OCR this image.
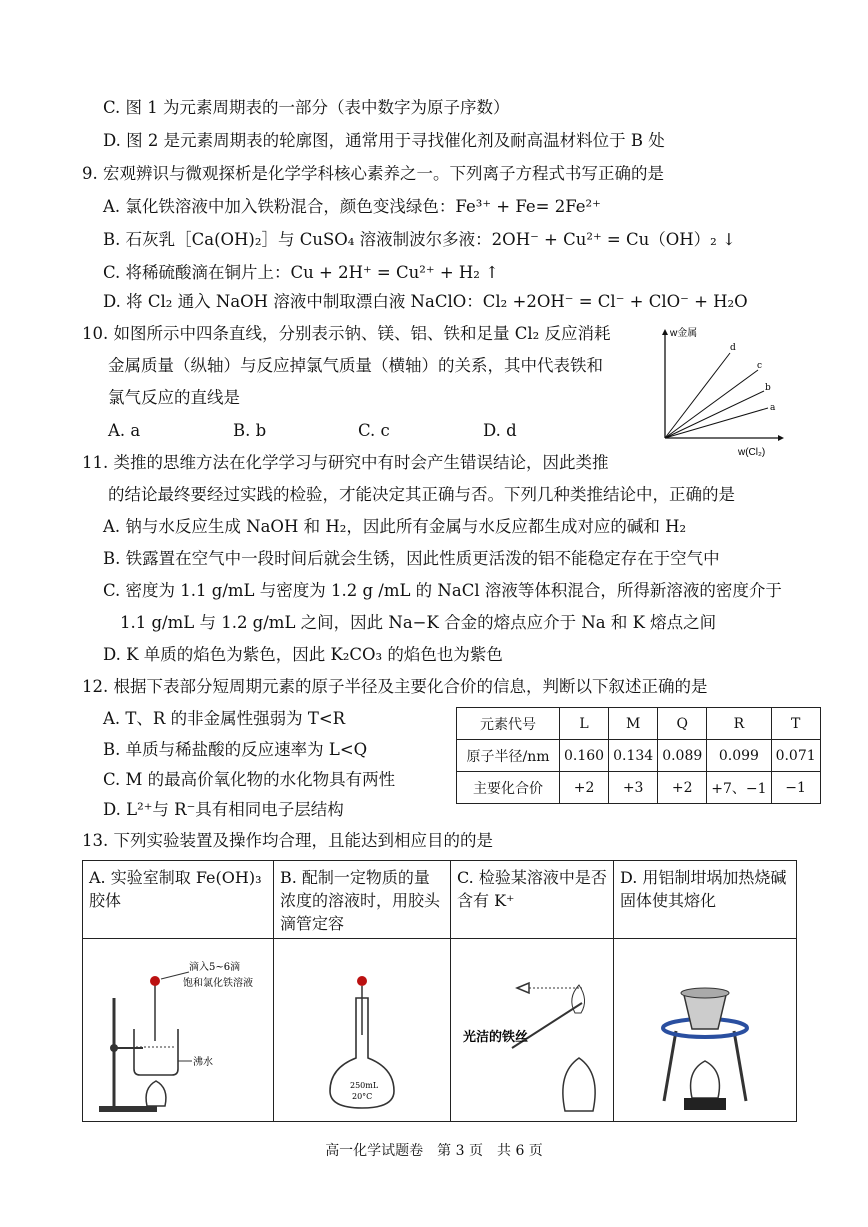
C. 图 1 为元素周期表的一部分（表中数字为原子序数）
D. 图 2 是元素周期表的轮廓图，通常用于寻找催化剂及耐高温材料位于 B 处
9. 宏观辨识与微观探析是化学学科核心素养之一。下列离子方程式书写正确的是
A. 氯化铁溶液中加入铁粉混合，颜色变浅绿色：Fe³⁺ + Fe= 2Fe²⁺
B. 石灰乳［Ca(OH)₂］与 CuSO₄ 溶液制波尔多液：2OH⁻ + Cu²⁺ = Cu（OH）₂ ↓
C. 将稀硫酸滴在铜片上：Cu + 2H⁺ = Cu²⁺ + H₂ ↑
D. 将 Cl₂ 通入 NaOH 溶液中制取漂白液 NaClO：Cl₂ +2OH⁻ = Cl⁻ + ClO⁻ + H₂O
10. 如图所示中四条直线，分别表示钠、镁、铝、铁和足量 Cl₂ 反应消耗
金属质量（纵轴）与反应掉氯气质量（横轴）的关系，其中代表铁和
氯气反应的直线是
A. a	B. b	C. c	D. d
w金属
w(Cl₂)
d
c
b
a
11. 类推的思维方法在化学学习与研究中有时会产生错误结论，因此类推
的结论最终要经过实践的检验，才能决定其正确与否。下列几种类推结论中，正确的是
A. 钠与水反应生成 NaOH 和 H₂，因此所有金属与水反应都生成对应的碱和 H₂
B. 铁露置在空气中一段时间后就会生锈，因此性质更活泼的铝不能稳定存在于空气中
C. 密度为 1.1 g/mL 与密度为 1.2 g /mL 的 NaCl 溶液等体积混合，所得新溶液的密度介于
1.1 g/mL 与 1.2 g/mL 之间，因此 Na−K 合金的熔点应介于 Na 和 K 熔点之间
D. K 单质的焰色为紫色，因此 K₂CO₃ 的焰色也为紫色
12. 根据下表部分短周期元素的原子半径及主要化合价的信息，判断以下叙述正确的是
A. T、R 的非金属性强弱为 T<R
B. 单质与稀盐酸的反应速率为 L<Q
C. M 的最高价氧化物的水化物具有两性
D. L²⁺与 R⁻具有相同电子层结构
元素代号	L	M	Q	R	T
原子半径/nm	0.160	0.134	0.089	0.099	0.071
主要化合价	+2	+3	+2	+7、−1	−1
13. 下列实验装置及操作均合理，且能达到相应目的的是
A. 实验室制取 Fe(OH)₃ 胶体	B. 配制一定物质的量浓度的溶液时，用胶头滴管定容	C. 检验某溶液中是否含有 K⁺	D. 用铝制坩埚加热烧碱固体使其熔化

滴入5~6滴
饱和氯化铁溶液
沸水	250mL
20°C	光洁的铁丝

高一化学试题卷　第 3 页　共 6 页
